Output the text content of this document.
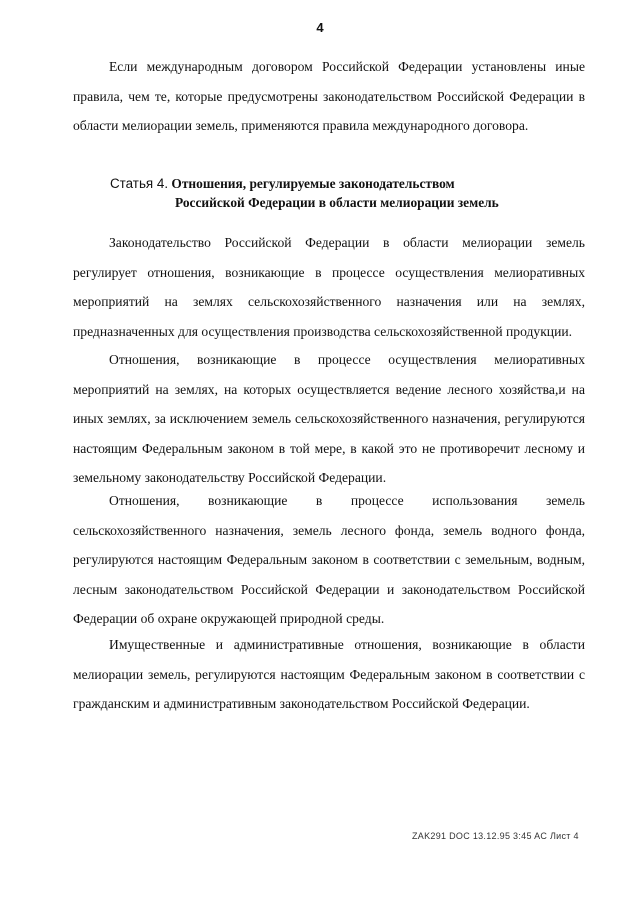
4

Если международным договором Российской Федерации установлены иные правила, чем те, которые предусмотрены законодательством Российской Федерации в области мелиорации земель, применяются правила международного договора.

Статья 4. Отношения, регулируемые законодательством
Российской Федерации в области мелиорации земель

Законодательство Российской Федерации в области мелиорации земель регулирует отношения, возникающие в процессе осуществления мелиоративных мероприятий на землях сельскохозяйственного назначения или на землях, предназначенных для осуществления производства сельскохозяйственной продукции.

Отношения, возникающие в процессе осуществления мелиоративных мероприятий на землях, на которых осуществляется ведение лесного хозяйства,и на иных землях, за исключением земель сельскохозяйственного назначения, регулируются настоящим Федеральным законом в той мере, в какой это не противоречит лесному и земельному законодательству Российской Федерации.

Отношения, возникающие в процессе использования земель сельскохозяйственного назначения, земель лесного фонда, земель водного фонда, регулируются настоящим Федеральным законом в соответствии с земельным, водным, лесным законодательством Российской Федерации и законодательством Российской Федерации об охране окружающей природной среды.

Имущественные и административные отношения, возникающие в области мелиорации земель, регулируются настоящим Федеральным законом в соответствии с гражданским и административным законодательством Российской Федерации.

ZAK291 DOC 13.12.95 3:45 AC Лист 4
